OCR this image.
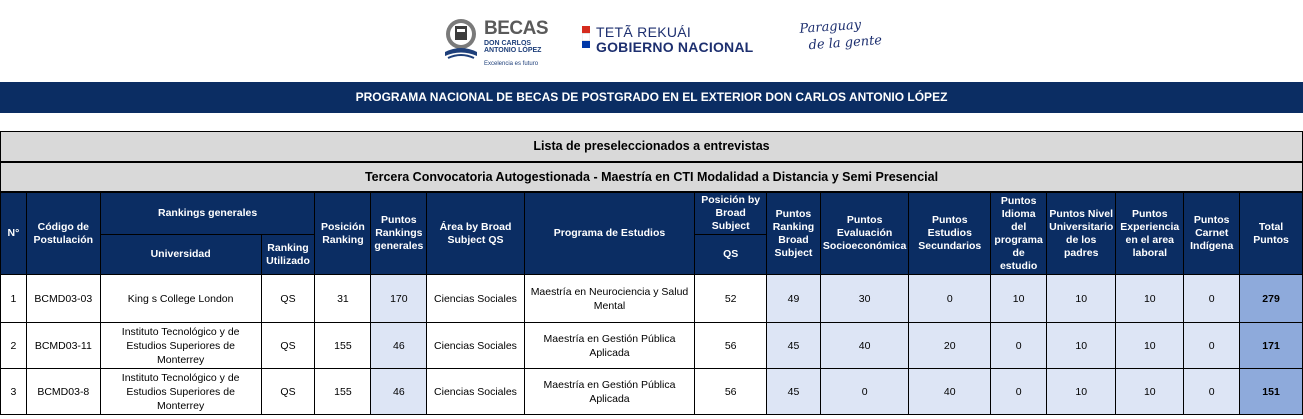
BECAS
DON CARLOS ANTONIO LÓPEZ
Excelencia es futuro
TETÃ REKUÁI
GOBIERNO NACIONAL
Paraguay
de la gente
PROGRAMA NACIONAL DE BECAS DE POSTGRADO EN EL EXTERIOR DON CARLOS ANTONIO LÓPEZ
Lista de preseleccionados a entrevistas
Tercera Convocatoria Autogestionada - Maestría en CTI Modalidad a Distancia y Semi Presencial
N°	Código de Postulación	Rankings generales		Posición Ranking	Puntos Rankings generales	Área by Broad Subject QS	Programa de Estudios	Posición by Broad Subject	Puntos Ranking Broad Subject	Puntos Evaluación Socioeconómica	Puntos Estudios Secundarios	Puntos Idioma del programa de estudio	Puntos Nivel Universitario de los padres	Puntos Experiencia en el area laboral	Puntos Carnet Indígena	Total Puntos
		Universidad	Ranking Utilizado					QS								
1	BCMD03-03	King s College London	QS	31	170	Ciencias Sociales	Maestría en Neurociencia y Salud Mental	52	49	30	0	10	10	10	0	279
2	BCMD03-11	Instituto Tecnológico y de Estudios Superiores de Monterrey	QS	155	46	Ciencias Sociales	Maestría en Gestión Pública Aplicada	56	45	40	20	0	10	10	0	171
3	BCMD03-8	Instituto Tecnológico y de Estudios Superiores de Monterrey	QS	155	46	Ciencias Sociales	Maestría en Gestión Pública Aplicada	56	45	0	40	0	10	10	0	151
